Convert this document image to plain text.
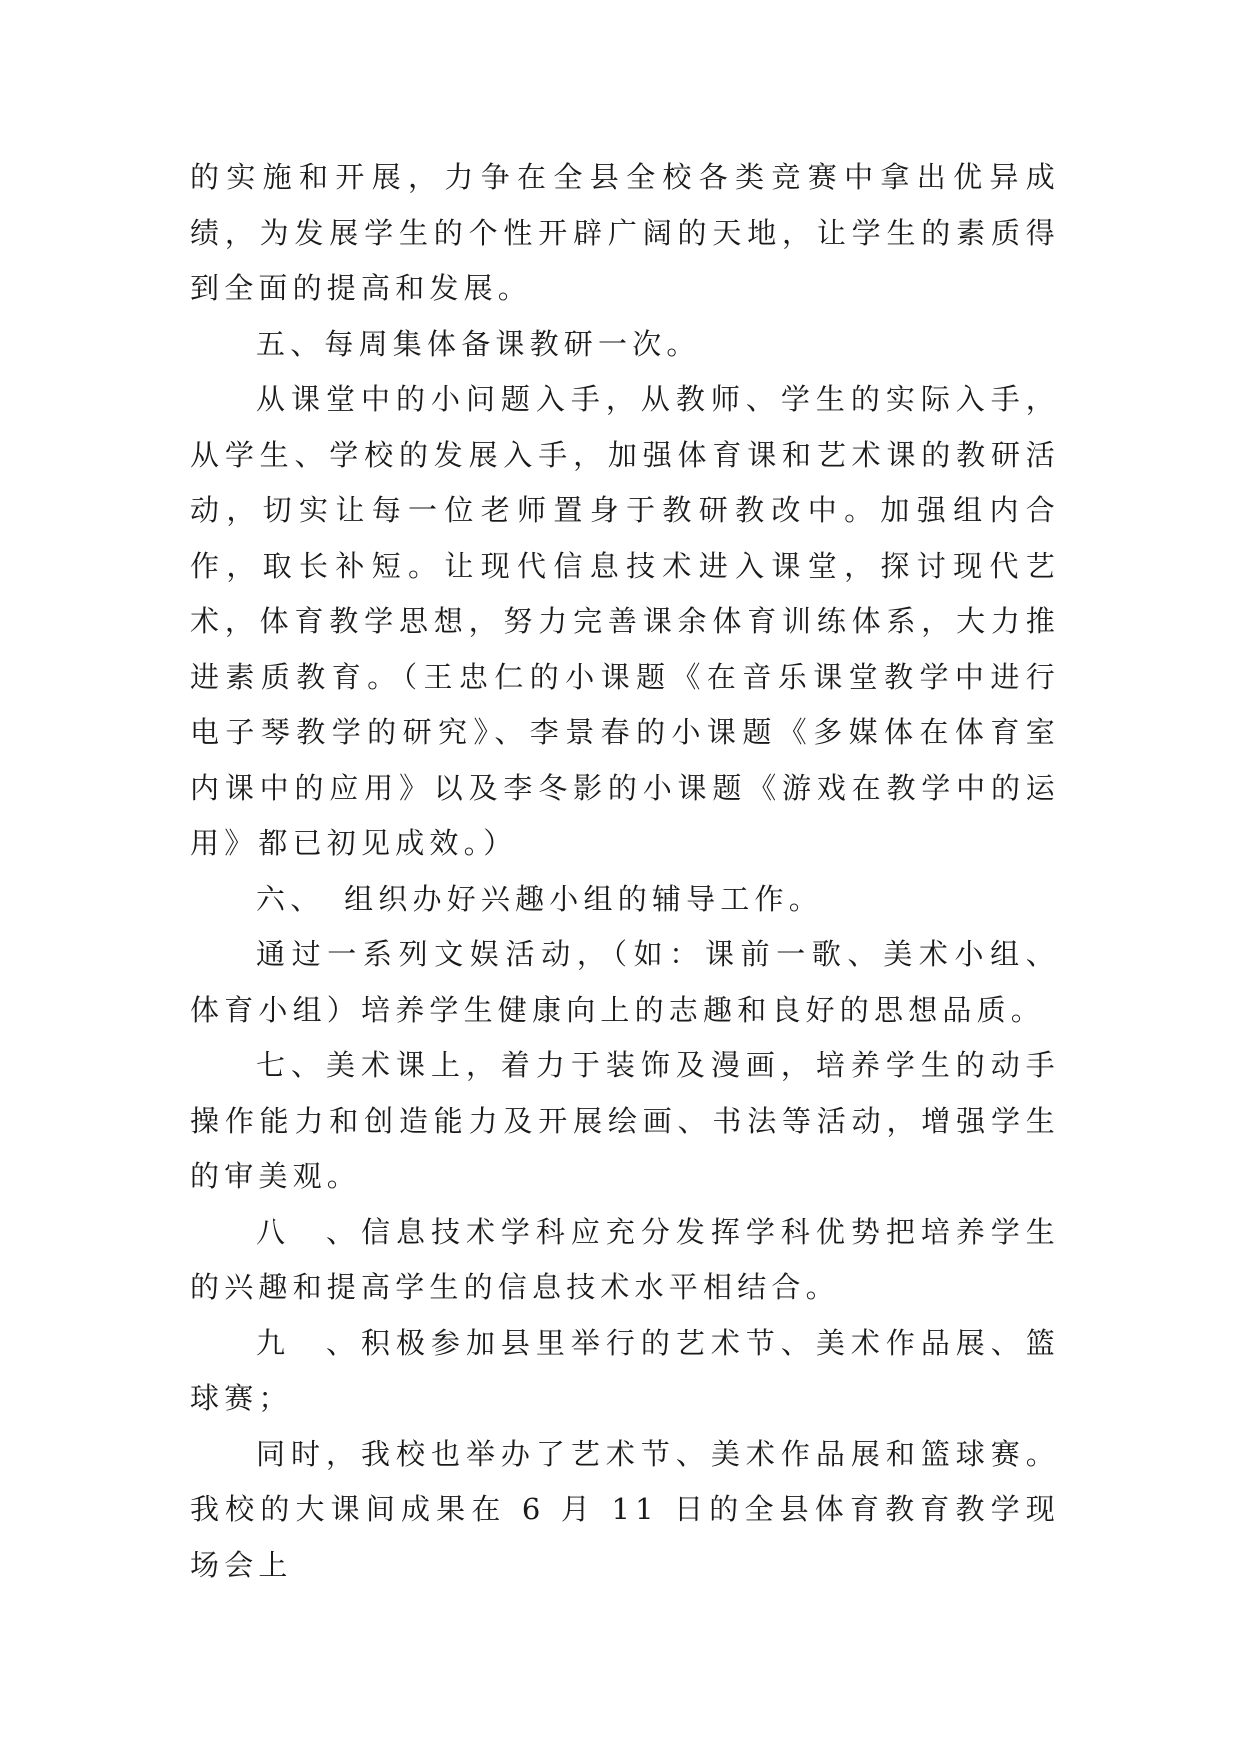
的实施和开展，力争在全县全校各类竞赛中拿出优异成绩，为发展学生的个性开辟广阔的天地，让学生的素质得到全面的提高和发展。

五、每周集体备课教研一次。

从课堂中的小问题入手，从教师、学生的实际入手，从学生、学校的发展入手，加强体育课和艺术课的教研活动，切实让每一位老师置身于教研教改中。加强组内合作，取长补短。让现代信息技术进入课堂，探讨现代艺术，体育教学思想，努力完善课余体育训练体系，大力推进素质教育。（王忠仁的小课题《在音乐课堂教学中进行电子琴教学的研究》、李景春的小课题《多媒体在体育室内课中的应用》以及李冬影的小课题《游戏在教学中的运用》都已初见成效。）

六、　组织办好兴趣小组的辅导工作。

通过一系列文娱活动，（如：课前一歌、美术小组、体育小组）培养学生健康向上的志趣和良好的思想品质。

七、美术课上，着力于装饰及漫画，培养学生的动手操作能力和创造能力及开展绘画、书法等活动，增强学生的审美观。

八　、信息技术学科应充分发挥学科优势把培养学生的兴趣和提高学生的信息技术水平相结合。

九　、积极参加县里举行的艺术节、美术作品展、篮球赛；

同时，我校也举办了艺术节、美术作品展和篮球赛。我校的大课间成果在 6 月 11 日的全县体育教育教学现场会上
